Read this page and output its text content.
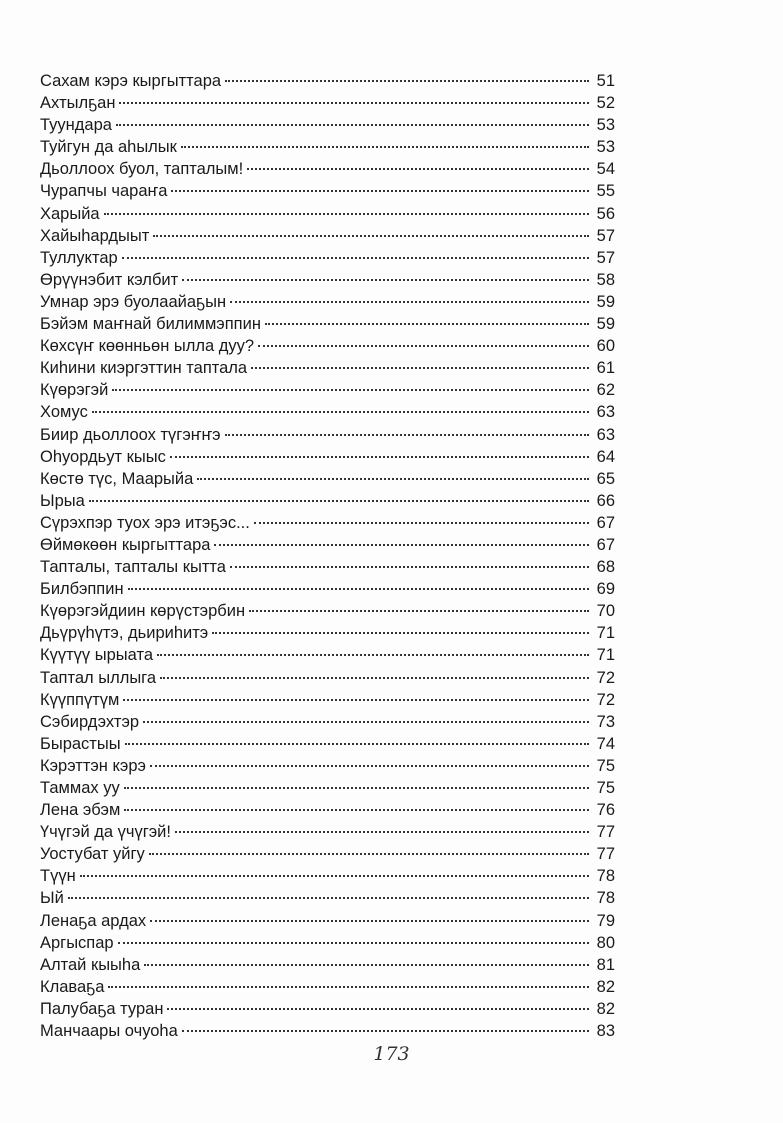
Сахам кэрэ кыргыттара	51
Ахтылҕан	52
Туундара	53
Туйгун да аһылык	53
Дьоллоох буол, тапталым!	54
Чурапчы чараҥа	55
Харыйа	56
Хайыһардыыт	57
Туллуктар	57
Өрүүнэбит кэлбит	58
Умнар эрэ буолаайаҕын	59
Бэйэм маҥнай билиммэппин	59
Көхсүҥ көөнньөн ылла дуу?	60
Киһини киэргэттин таптала	61
Күөрэгэй	62
Хомус	63
Биир дьоллоох түгэҥҥэ	63
Оһуордьут кыыс	64
Көстө түс, Маарыйа	65
Ырыа	66
Сүрэхпэр туох эрэ итэҕэс...	67
Өймөкөөн кыргыттара	67
Тапталы, тапталы кытта	68
Билбэппин	69
Күөрэгэйдиин көрүстэрбин	70
Дьүрүһүтэ, дьириһитэ	71
Күүтүү ырыата	71
Таптал ыллыга	72
Күүппүтүм	72
Сэбирдэхтэр	73
Бырастыы	74
Кэрэттэн кэрэ	75
Таммах уу	75
Лена эбэм	76
Үчүгэй да үчүгэй!	77
Уостубат уйгу	77
Түүн	78
Ый	78
Ленаҕа ардах	79
Аргыспар	80
Алтай кыыһа	81
Клаваҕа	82
Палубаҕа туран	82
Манчаары очуоһа	83
173
